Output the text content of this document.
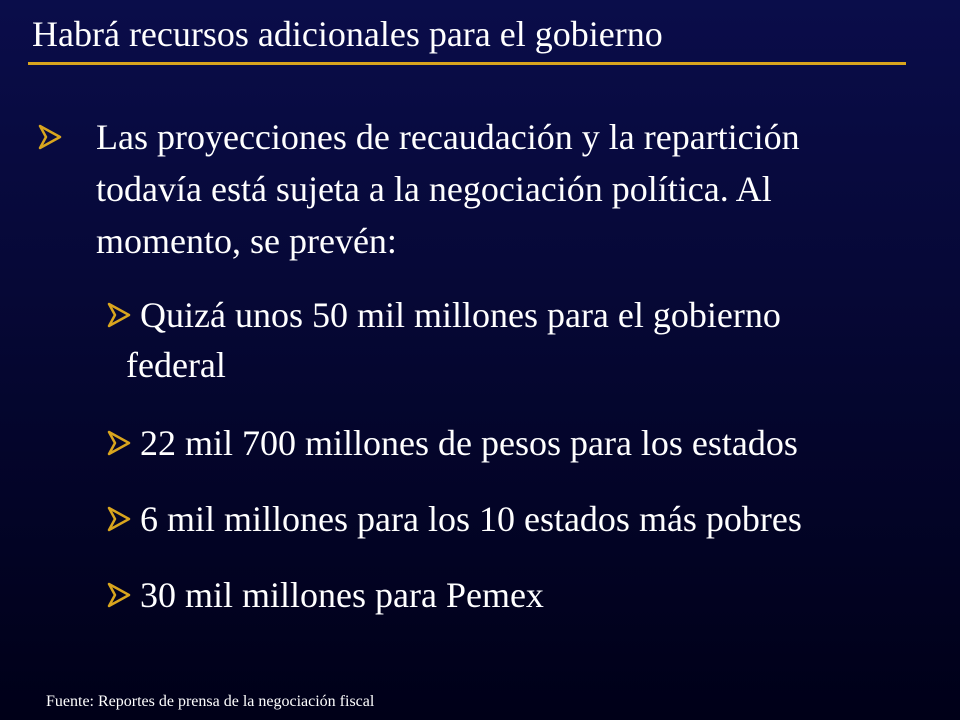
Habrá recursos adicionales para el gobierno
Las proyecciones de recaudación y la repartición
todavía está sujeta a la negociación política. Al
momento, se prevén:
Quizá unos 50 mil millones para el gobierno
federal
22 mil 700 millones de pesos para los estados
6 mil millones para los 10 estados más pobres
30 mil millones para Pemex
Fuente: Reportes de prensa de la negociación fiscal
